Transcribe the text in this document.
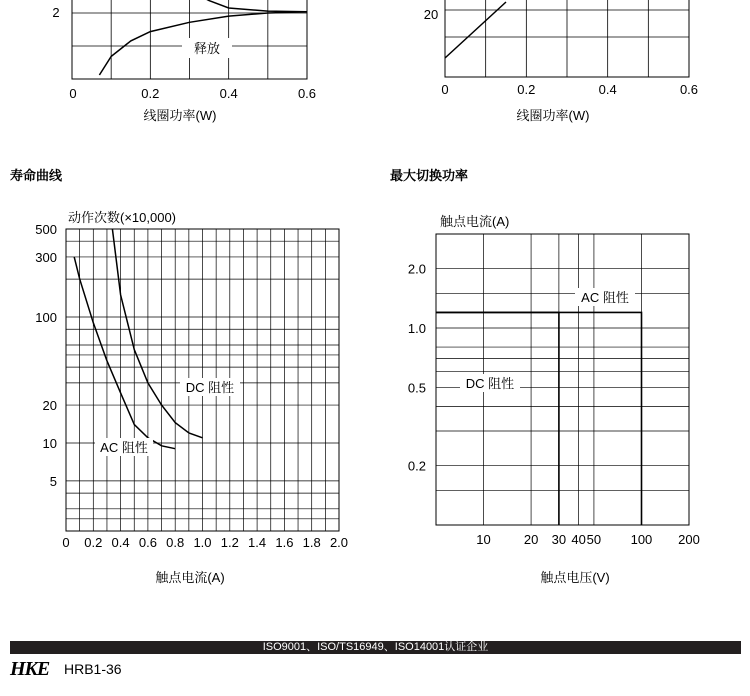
寿命曲线	最大切换功率
释放
2
0	0.2	0.4	0.6
线圈功率(W)
20
0	0.2	0.4	0.6
线圈功率(W)
DC 阻性
AC 阻性
500
300
100
20
10
5
0 0.2 0.4 0.6 0.8 1.0 1.2 1.4 1.6 1.8 2.0
动作次数(×10,000)
触点电流(A)
AC 阻性
DC 阻性
2.0
1.0
0.5
0.2
10	20 30 40 50 100 200
触点电流(A)
触点电压(V)
ISO9001、ISO/TS16949、ISO14001认证企业
HKE HRB1-36
